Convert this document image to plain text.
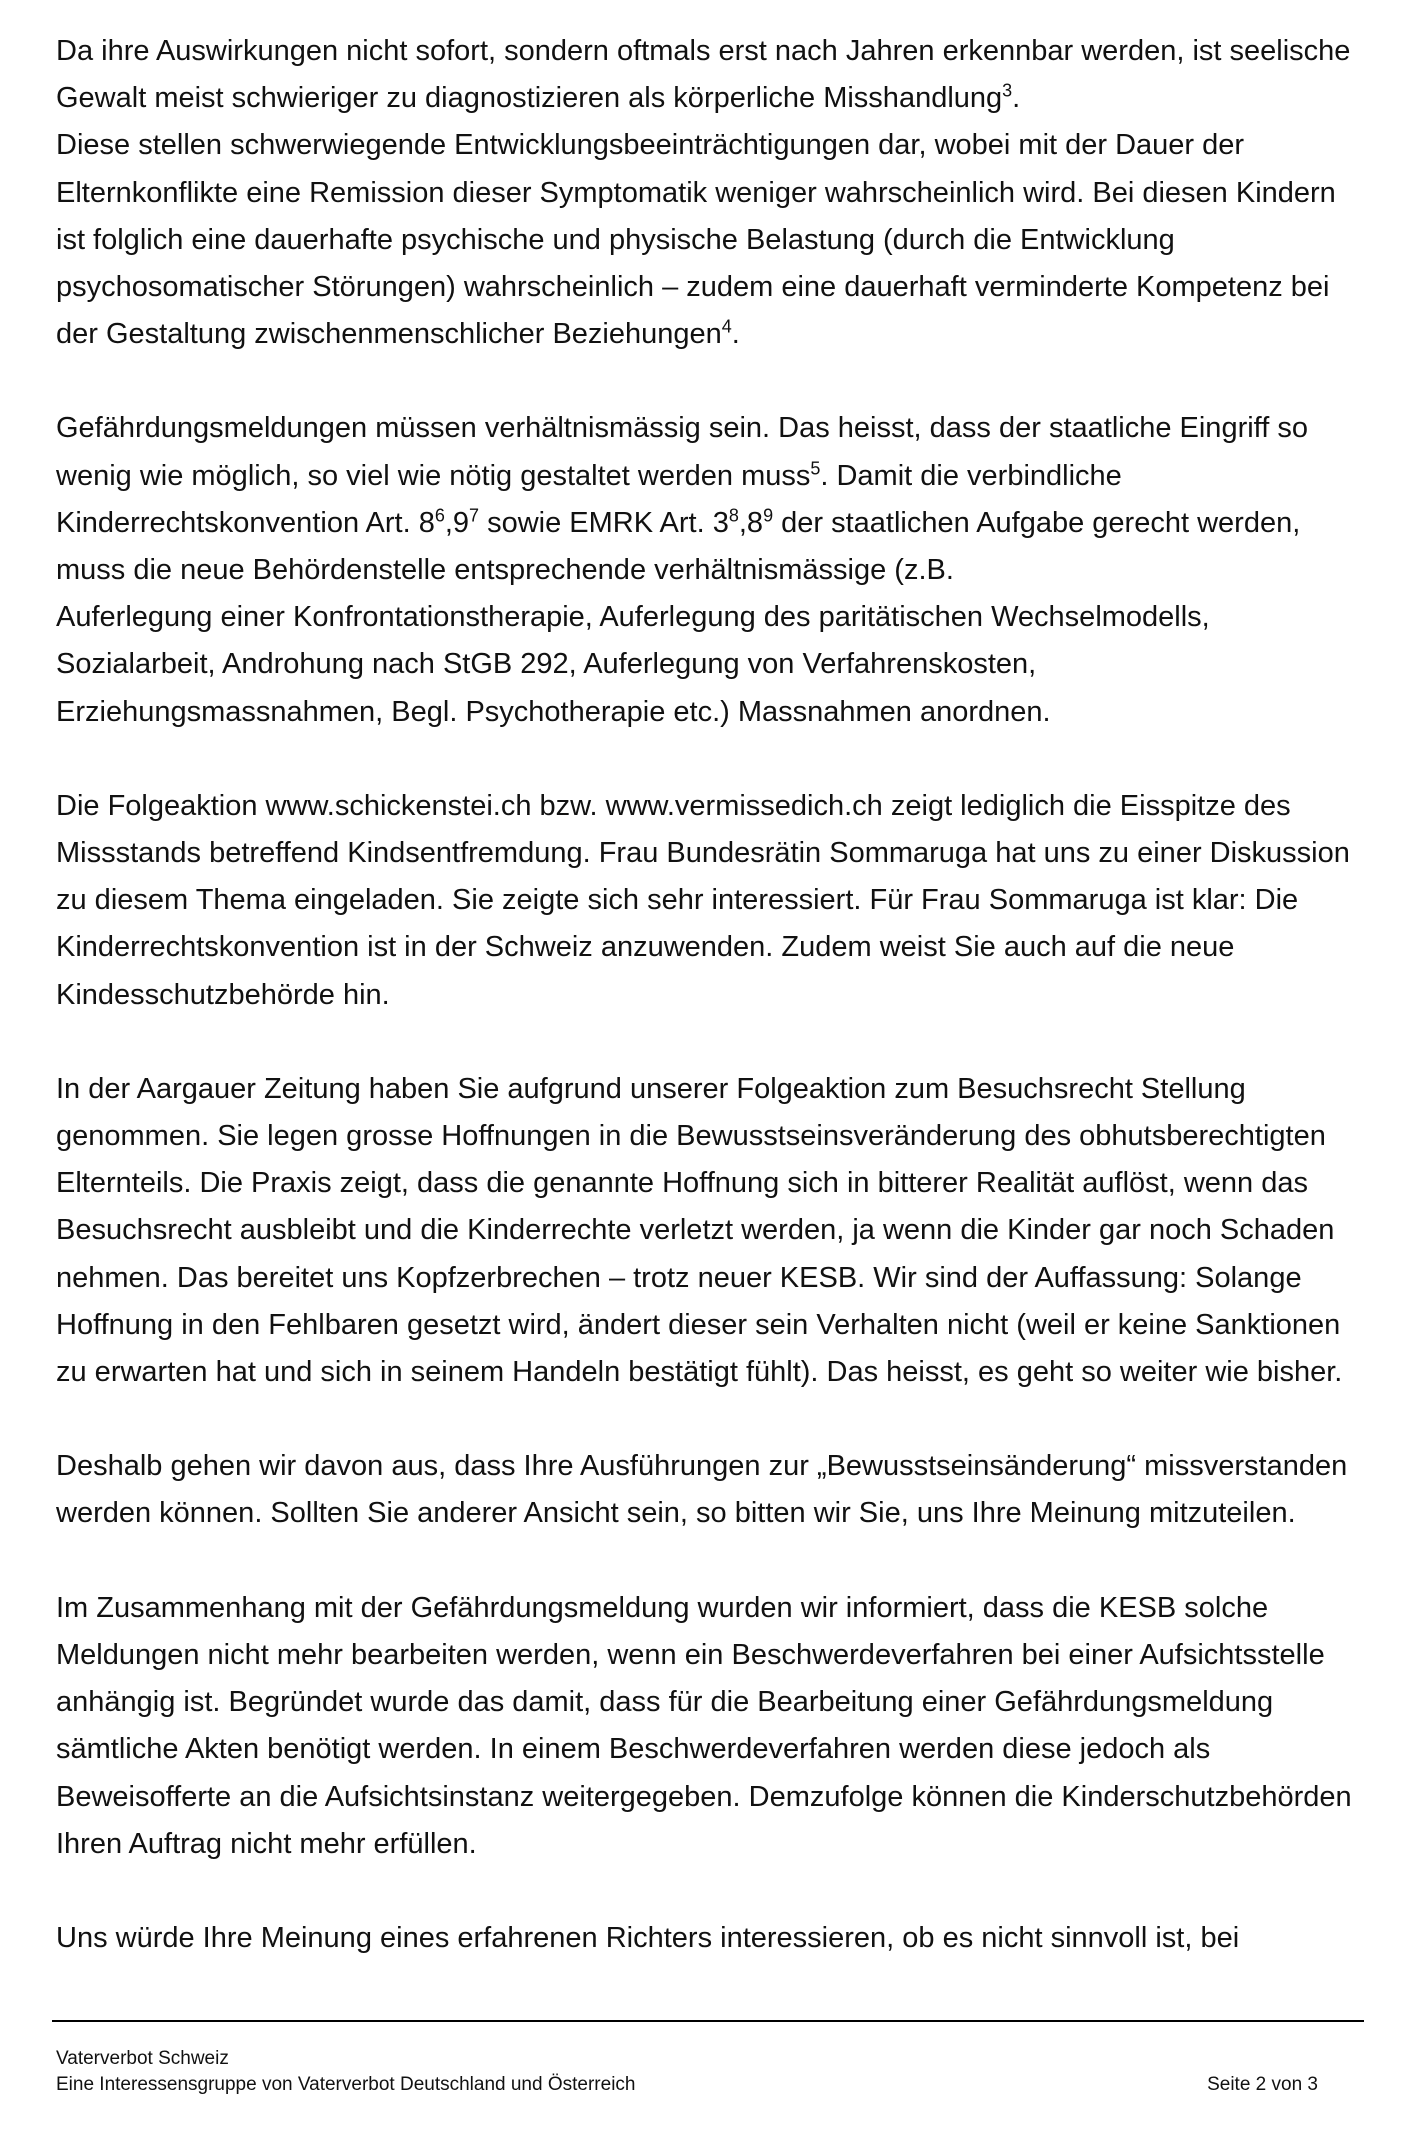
Da ihre Auswirkungen nicht sofort, sondern oftmals erst nach Jahren erkennbar werden, ist seelische Gewalt meist schwieriger zu diagnostizieren als körperliche Misshandlung$^3$.
Diese stellen schwerwiegende Entwicklungsbeeinträchtigungen dar, wobei mit der Dauer der Elternkonflikte eine Remission dieser Symptomatik weniger wahrscheinlich wird. Bei diesen Kindern ist folglich eine dauerhafte psychische und physische Belastung (durch die Entwicklung psychosomatischer Störungen) wahrscheinlich – zudem eine dauerhaft verminderte Kompetenz bei der Gestaltung zwischenmenschlicher Beziehungen$^4$.

Gefährdungsmeldungen müssen verhältnismässig sein. Das heisst, dass der staatliche Eingriff so wenig wie möglich, so viel wie nötig gestaltet werden muss$^5$. Damit die verbindliche Kinderrechtskonvention Art. $8^6,9^7$ sowie EMRK Art. $3^8,8^9$ der staatlichen Aufgabe gerecht werden, muss die neue Behördenstelle entsprechende verhältnismässige (z.B.
Auferlegung einer Konfrontationstherapie, Auferlegung des paritätischen Wechselmodells, Sozialarbeit, Androhung nach StGB 292, Auferlegung von Verfahrenskosten, Erziehungsmassnahmen, Begl. Psychotherapie etc.) Massnahmen anordnen.

Die Folgeaktion www.schickenstei.ch bzw. www.vermissedich.ch zeigt lediglich die Eisspitze des Missstands betreffend Kindsentfremdung. Frau Bundesrätin Sommaruga hat uns zu einer Diskussion zu diesem Thema eingeladen. Sie zeigte sich sehr interessiert. Für Frau Sommaruga ist klar: Die Kinderrechtskonvention ist in der Schweiz anzuwenden. Zudem weist Sie auch auf die neue Kindesschutzbehörde hin.

In der Aargauer Zeitung haben Sie aufgrund unserer Folgeaktion zum Besuchsrecht Stellung genommen. Sie legen grosse Hoffnungen in die Bewusstseinsveränderung des obhutsberechtigten Elternteils. Die Praxis zeigt, dass die genannte Hoffnung sich in bitterer Realität auflöst, wenn das Besuchsrecht ausbleibt und die Kinderrechte verletzt werden, ja wenn die Kinder gar noch Schaden nehmen. Das bereitet uns Kopfzerbrechen – trotz neuer KESB. Wir sind der Auffassung: Solange Hoffnung in den Fehlbaren gesetzt wird, ändert dieser sein Verhalten nicht (weil er keine Sanktionen zu erwarten hat und sich in seinem Handeln bestätigt fühlt). Das heisst, es geht so weiter wie bisher.

Deshalb gehen wir davon aus, dass Ihre Ausführungen zur „Bewusstseinsänderung“ missverstanden werden können. Sollten Sie anderer Ansicht sein, so bitten wir Sie, uns Ihre Meinung mitzuteilen.

Im Zusammenhang mit der Gefährdungsmeldung wurden wir informiert, dass die KESB solche Meldungen nicht mehr bearbeiten werden, wenn ein Beschwerdeverfahren bei einer Aufsichtsstelle anhängig ist. Begründet wurde das damit, dass für die Bearbeitung einer Gefährdungsmeldung sämtliche Akten benötigt werden. In einem Beschwerdeverfahren werden diese jedoch als Beweisofferte an die Aufsichtsinstanz weitergegeben. Demzufolge können die Kinderschutzbehörden Ihren Auftrag nicht mehr erfüllen.

Uns würde Ihre Meinung eines erfahrenen Richters interessieren, ob es nicht sinnvoll ist, bei

Vaterverbot Schweiz
Eine Interessensgruppe von Vaterverbot Deutschland und Österreich	Seite 2 von 3
